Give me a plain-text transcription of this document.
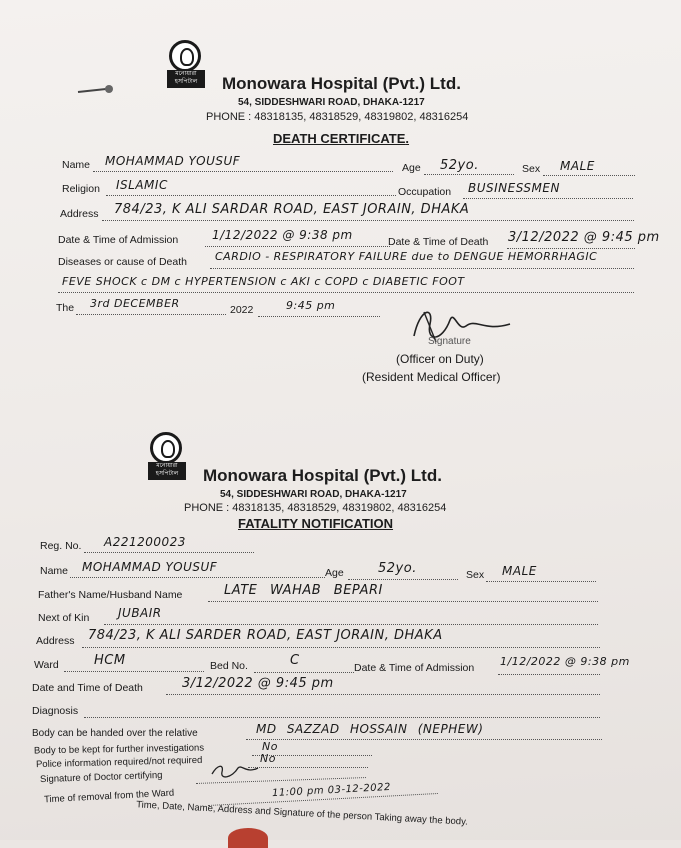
মনোয়ারা হসপিটাল	Monowara Hospital (Pvt.) Ltd.
54, SIDDESHWARI ROAD, DHAKA-1217
PHONE : 48318135, 48318529, 48319802, 48316254
DEATH CERTIFICATE.
Name MOHAMMAD YOUSUF	Age 52yo.	Sex MALE
Religion ISLAMIC	Occupation BUSINESSMEN
Address 784/23, K ALI SARDAR ROAD, EAST JORAIN, DHAKA
Date & Time of Admission	1/12/2022 @ 9:38 pm	Date & Time of Death 3/12/2022 @ 9:45 pm
Diseases or cause of Death	CARDIO - RESPIRATORY FAILURE due to DENGUE HEMORRHAGIC
FEVE SHOCK c DM c HYPERTENSION c AKI c COPD c DIABETIC FOOT
The 3rd DECEMBER	2022	9:45 pm
Signature
(Officer on Duty)
(Resident Medical Officer)
মনোয়ারা হসপিটাল	Monowara Hospital (Pvt.) Ltd.
54, SIDDESHWARI ROAD, DHAKA-1217
PHONE : 48318135, 48318529, 48319802, 48316254
FATALITY NOTIFICATION
Reg. No. A221200023
Name MOHAMMAD YOUSUF	Age	52yo.	Sex MALE
Father's Name/Husband Name	LATE WAHAB BEPARI
Next of Kin JUBAIR
Address 784/23, K ALI SARDER ROAD, EAST JORAIN, DHAKA
Ward	HCM	Bed No.	C	Date & Time of Admission 1/12/2022 @ 9:38 pm
Date and Time of Death	3/12/2022 @ 9:45 pm
Diagnosis
Body can be handed over the relative	MD SAZZAD HOSSAIN (NEPHEW)
Body to be kept for further investigations	No
Police information required/not required	No
Signature of Doctor certifying
Time of removal from the Ward	11:00 pm 03-12-2022
Time, Date, Name, Address and Signature of the person Taking away the body.
